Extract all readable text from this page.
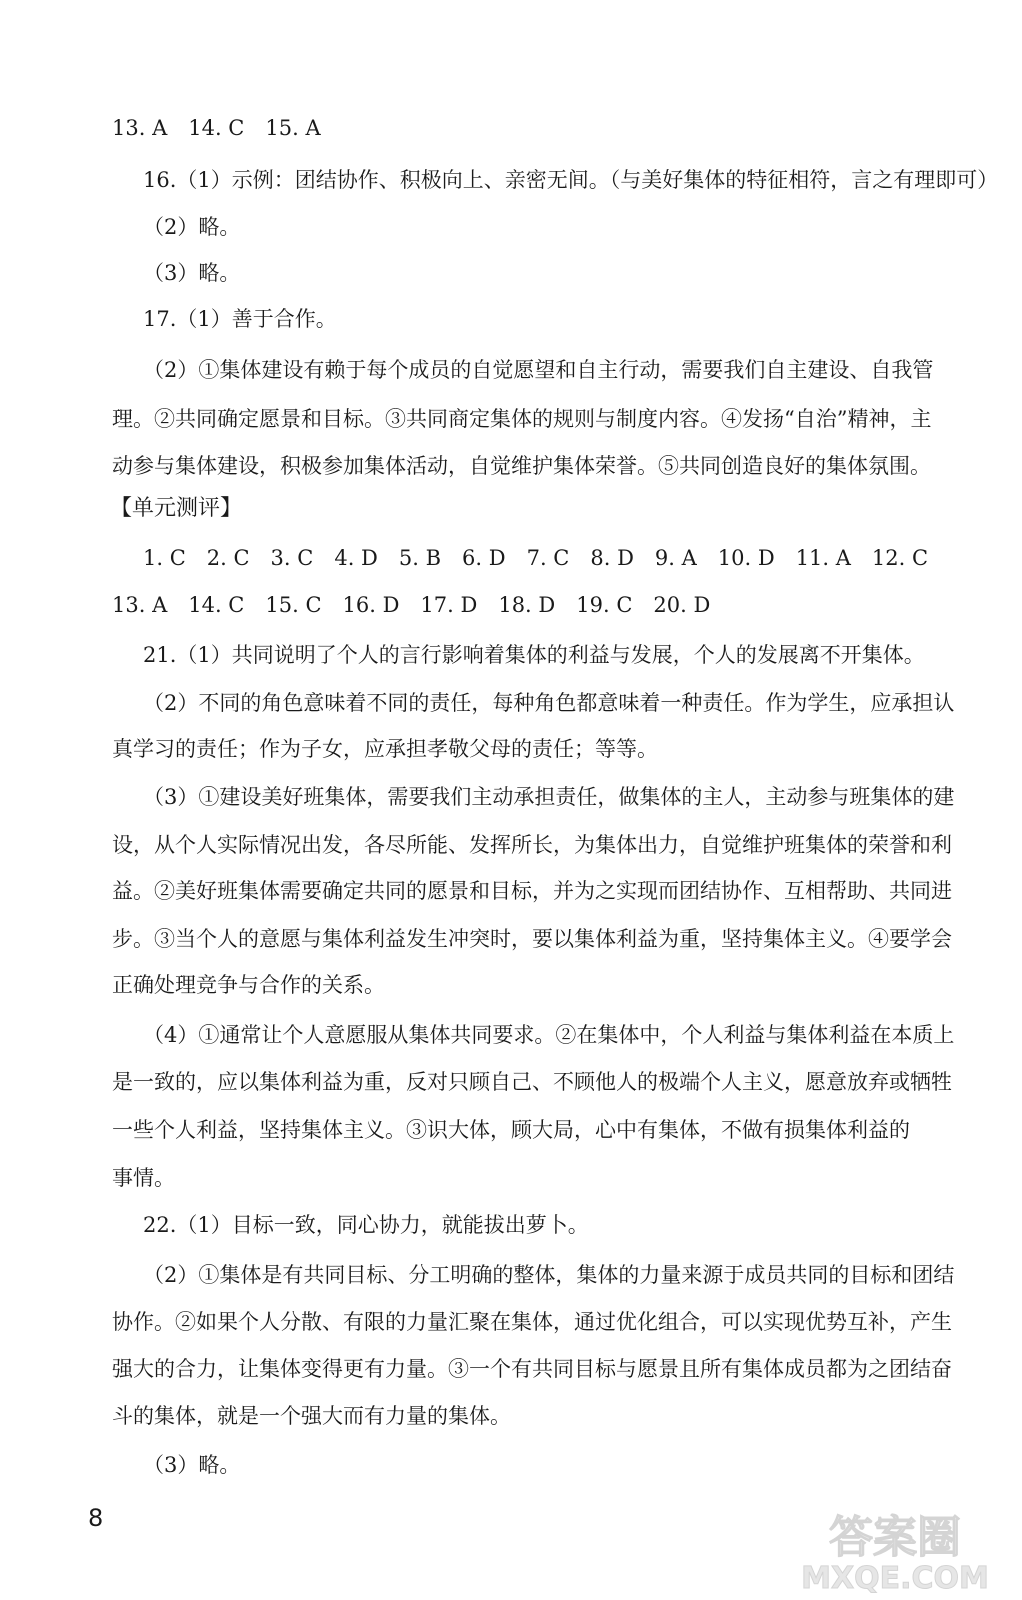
13. A　14. C　15. A
16.（1）示例：团结协作、积极向上、亲密无间。（与美好集体的特征相符，言之有理即可）
（2）略。
（3）略。
17.（1）善于合作。
（2）①集体建设有赖于每个成员的自觉愿望和自主行动，需要我们自主建设、自我管
理。②共同确定愿景和目标。③共同商定集体的规则与制度内容。④发扬“自治”精神，主
动参与集体建设，积极参加集体活动，自觉维护集体荣誉。⑤共同创造良好的集体氛围。
【单元测评】
1. C　2. C　3. C　4. D　5. B　6. D　7. C　8. D　9. A　10. D　11. A　12. C
13. A　14. C　15. C　16. D　17. D　18. D　19. C　20. D
21.（1）共同说明了个人的言行影响着集体的利益与发展，个人的发展离不开集体。
（2）不同的角色意味着不同的责任，每种角色都意味着一种责任。作为学生，应承担认
真学习的责任；作为子女，应承担孝敬父母的责任；等等。
（3）①建设美好班集体，需要我们主动承担责任，做集体的主人，主动参与班集体的建
设，从个人实际情况出发，各尽所能、发挥所长，为集体出力，自觉维护班集体的荣誉和利
益。②美好班集体需要确定共同的愿景和目标，并为之实现而团结协作、互相帮助、共同进
步。③当个人的意愿与集体利益发生冲突时，要以集体利益为重，坚持集体主义。④要学会
正确处理竞争与合作的关系。
（4）①通常让个人意愿服从集体共同要求。②在集体中，个人利益与集体利益在本质上
是一致的，应以集体利益为重，反对只顾自己、不顾他人的极端个人主义，愿意放弃或牺牲
一些个人利益，坚持集体主义。③识大体，顾大局，心中有集体，不做有损集体利益的
事情。
22.（1）目标一致，同心协力，就能拔出萝卜。
（2）①集体是有共同目标、分工明确的整体，集体的力量来源于成员共同的目标和团结
协作。②如果个人分散、有限的力量汇聚在集体，通过优化组合，可以实现优势互补，产生
强大的合力，让集体变得更有力量。③一个有共同目标与愿景且所有集体成员都为之团结奋
斗的集体，就是一个强大而有力量的集体。
（3）略。
8	答案圈
MXQE.COM
